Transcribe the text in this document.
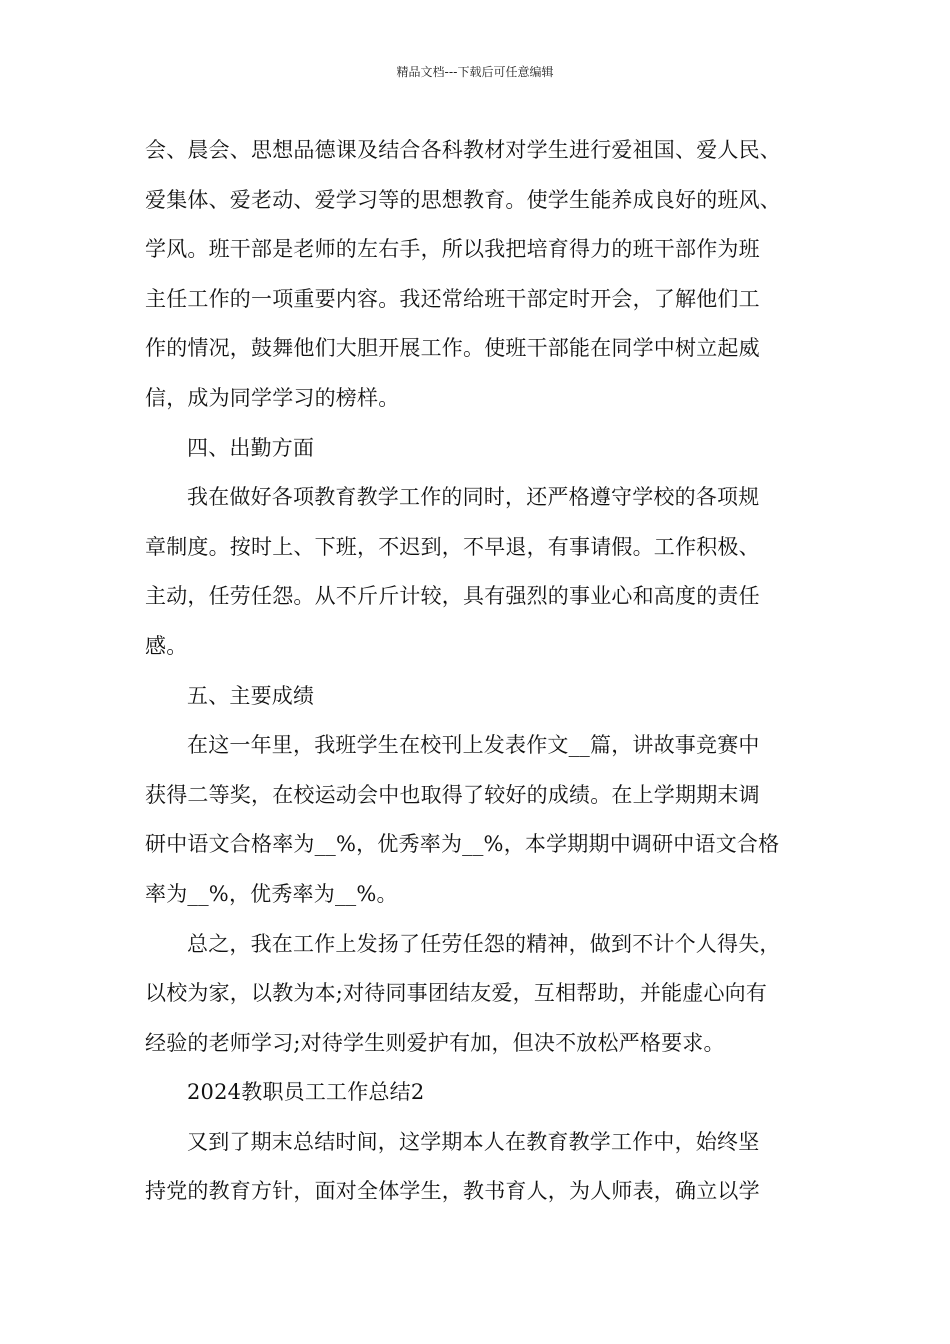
精品文档---下载后可任意编辑
会、晨会、思想品德课及结合各科教材对学生进行爱祖国、爱人民、
爱集体、爱老动、爱学习等的思想教育。使学生能养成良好的班风、
学风。班干部是老师的左右手，所以我把培育得力的班干部作为班
主任工作的一项重要内容。我还常给班干部定时开会，了解他们工
作的情况，鼓舞他们大胆开展工作。使班干部能在同学中树立起威
信，成为同学学习的榜样。
四、出勤方面
我在做好各项教育教学工作的同时，还严格遵守学校的各项规
章制度。按时上、下班，不迟到，不早退，有事请假。工作积极、
主动，任劳任怨。从不斤斤计较，具有强烈的事业心和高度的责任
感。
五、主要成绩
在这一年里，我班学生在校刊上发表作文__篇，讲故事竞赛中
获得二等奖，在校运动会中也取得了较好的成绩。在上学期期末调
研中语文合格率为__%，优秀率为__%，本学期期中调研中语文合格
率为__%，优秀率为__%。
总之，我在工作上发扬了任劳任怨的精神，做到不计个人得失，
以校为家，以教为本;对待同事团结友爱，互相帮助，并能虚心向有
经验的老师学习;对待学生则爱护有加，但决不放松严格要求。
2024教职员工工作总结2
又到了期末总结时间，这学期本人在教育教学工作中，始终坚
持党的教育方针，面对全体学生，教书育人，为人师表，确立以学
